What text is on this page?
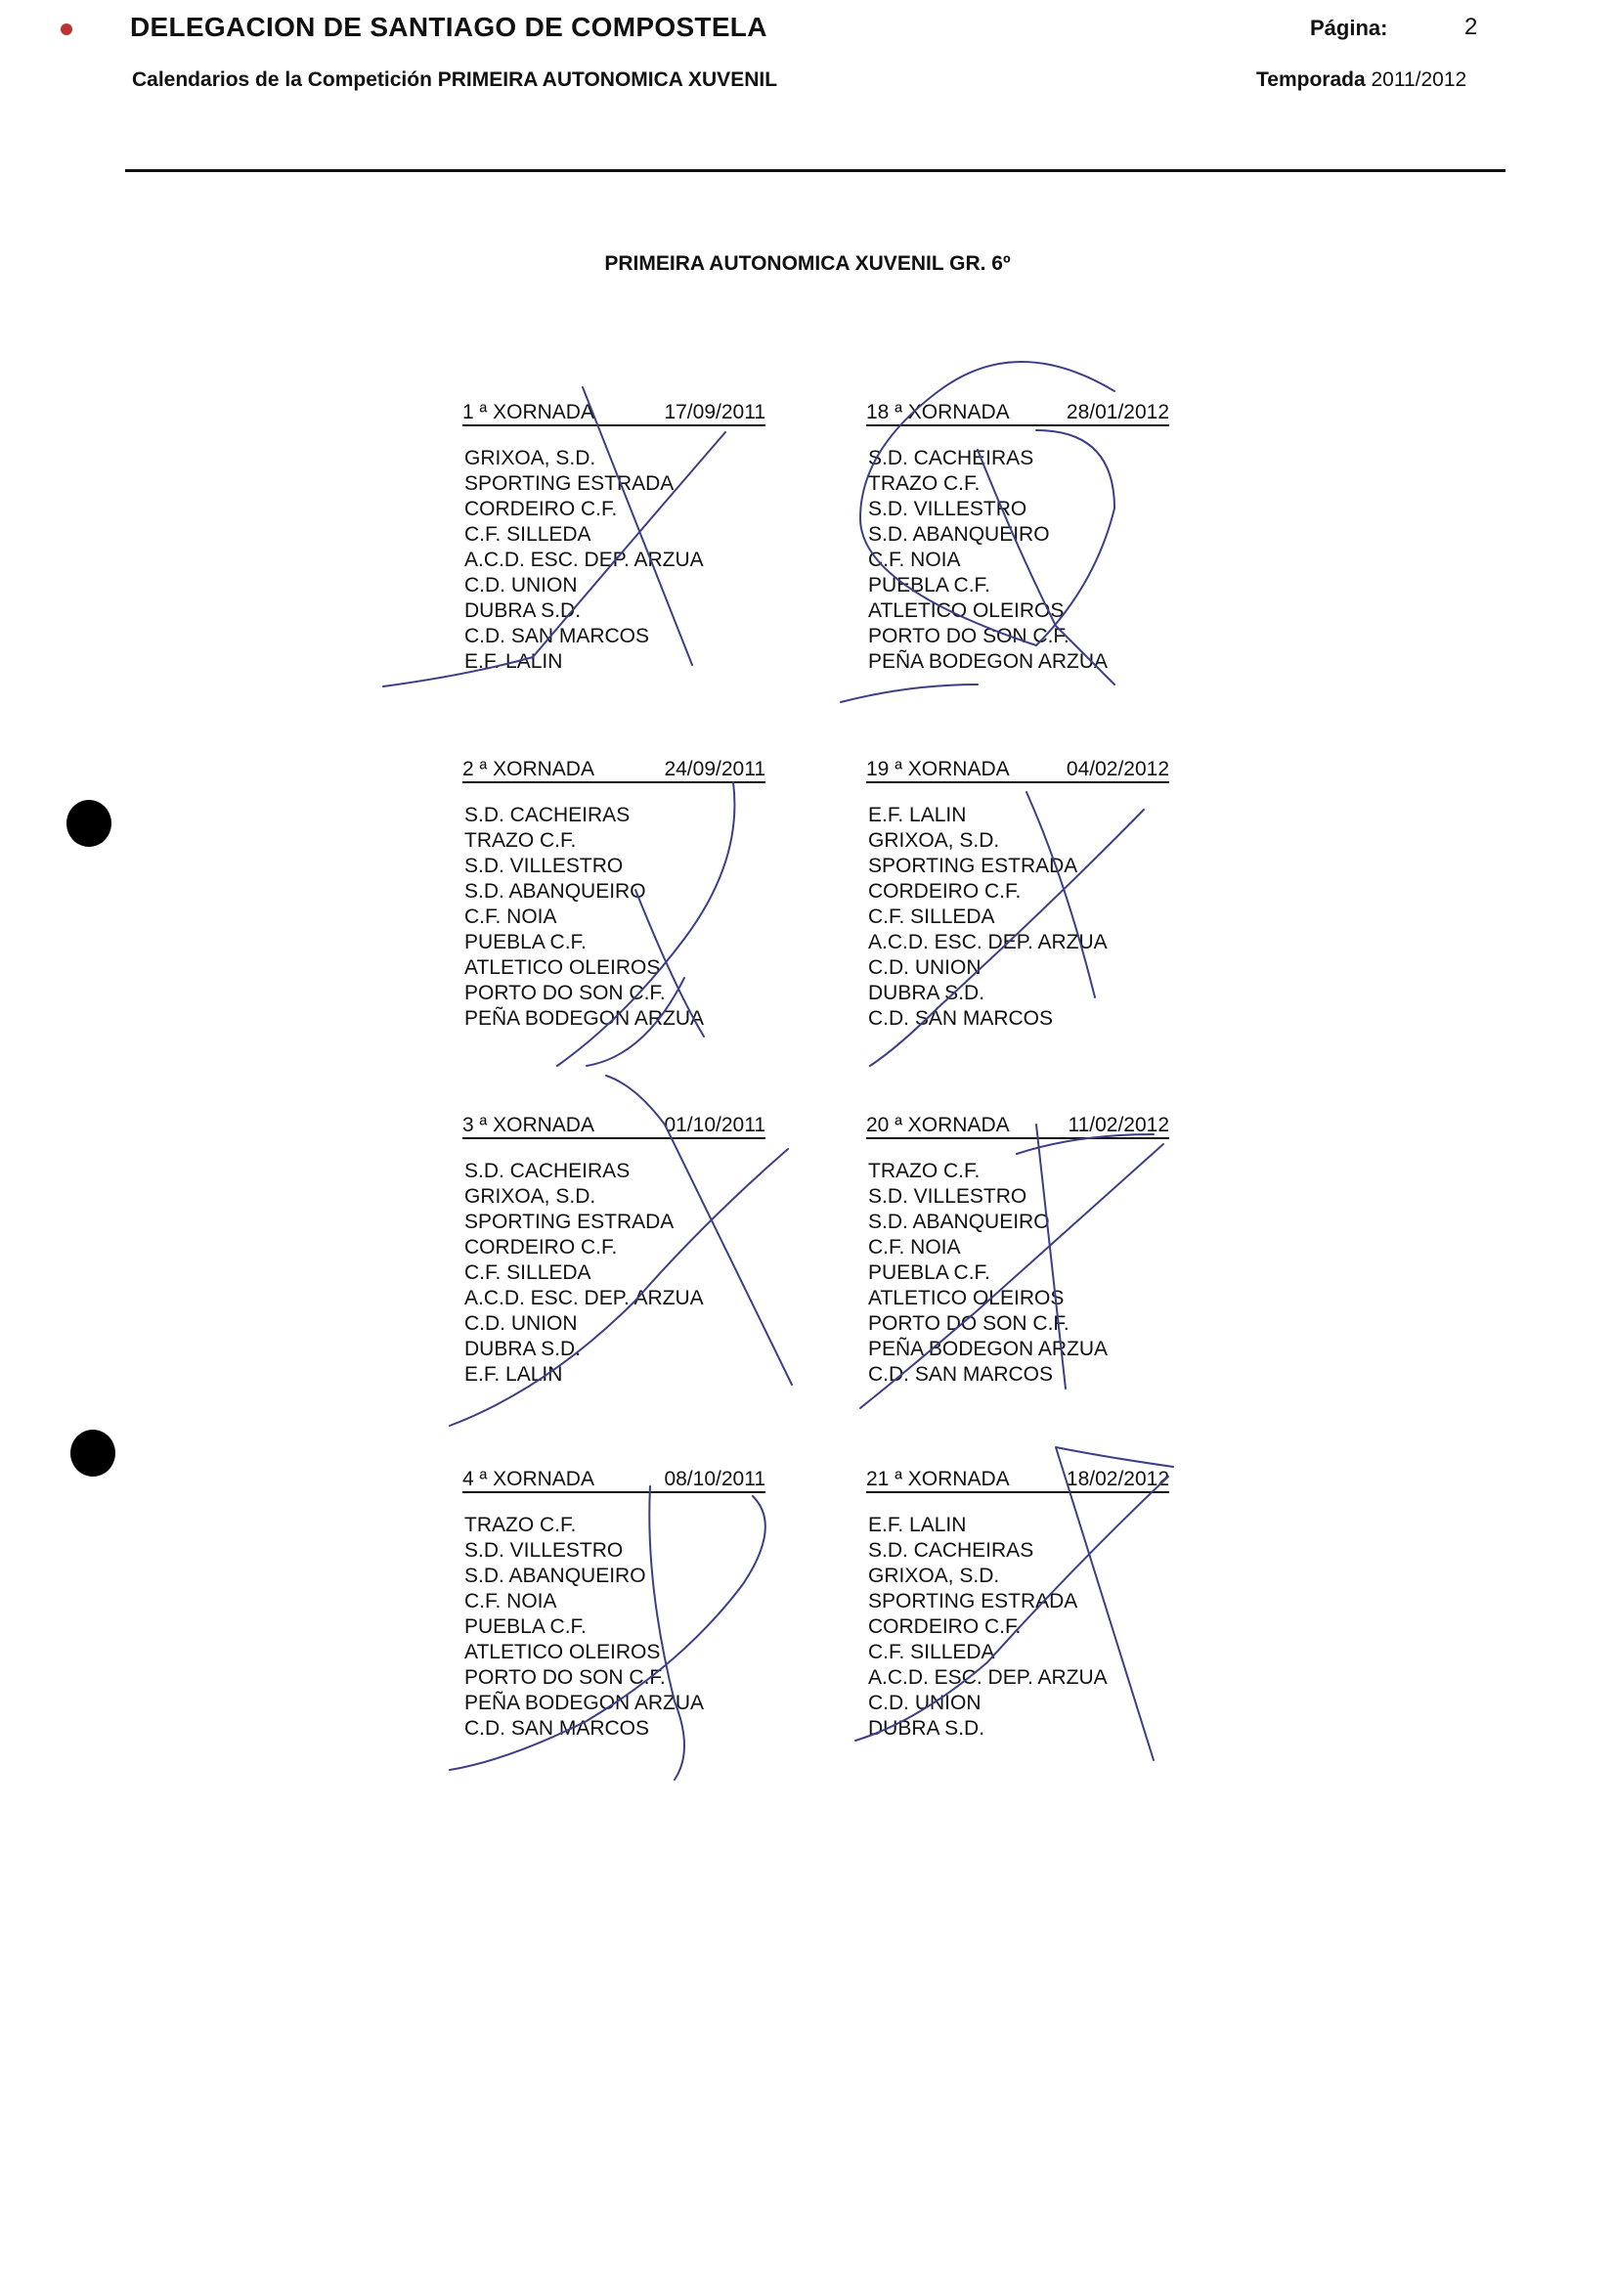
DELEGACION DE SANTIAGO DE COMPOSTELA	Página:	2
Calendarios de la Competición PRIMEIRA AUTONOMICA XUVENIL	Temporada 2011/2012
PRIMEIRA AUTONOMICA XUVENIL GR. 6º
1 ª XORNADA	17/09/2011
GRIXOA, S.D.
SPORTING ESTRADA
CORDEIRO C.F.
C.F. SILLEDA
A.C.D. ESC. DEP. ARZUA
C.D. UNION
DUBRA S.D.
C.D. SAN MARCOS
E.F. LALIN
18 ª XORNADA	28/01/2012
S.D. CACHEIRAS
TRAZO C.F.
S.D. VILLESTRO
S.D. ABANQUEIRO
C.F. NOIA
PUEBLA C.F.
ATLETICO OLEIROS
PORTO DO SON C.F.
PEÑA BODEGON ARZUA
2 ª XORNADA	24/09/2011
S.D. CACHEIRAS
TRAZO C.F.
S.D. VILLESTRO
S.D. ABANQUEIRO
C.F. NOIA
PUEBLA C.F.
ATLETICO OLEIROS
PORTO DO SON C.F.
PEÑA BODEGON ARZUA
19 ª XORNADA	04/02/2012
E.F. LALIN
GRIXOA, S.D.
SPORTING ESTRADA
CORDEIRO C.F.
C.F. SILLEDA
A.C.D. ESC. DEP. ARZUA
C.D. UNION
DUBRA S.D.
C.D. SAN MARCOS
3 ª XORNADA	01/10/2011
S.D. CACHEIRAS
GRIXOA, S.D.
SPORTING ESTRADA
CORDEIRO C.F.
C.F. SILLEDA
A.C.D. ESC. DEP. ARZUA
C.D. UNION
DUBRA S.D.
E.F. LALIN
20 ª XORNADA	11/02/2012
TRAZO C.F.
S.D. VILLESTRO
S.D. ABANQUEIRO
C.F. NOIA
PUEBLA C.F.
ATLETICO OLEIROS
PORTO DO SON C.F.
PEÑA BODEGON ARZUA
C.D. SAN MARCOS
4 ª XORNADA	08/10/2011
TRAZO C.F.
S.D. VILLESTRO
S.D. ABANQUEIRO
C.F. NOIA
PUEBLA C.F.
ATLETICO OLEIROS
PORTO DO SON C.F.
PEÑA BODEGON ARZUA
C.D. SAN MARCOS
21 ª XORNADA	18/02/2012
E.F. LALIN
S.D. CACHEIRAS
GRIXOA, S.D.
SPORTING ESTRADA
CORDEIRO C.F.
C.F. SILLEDA
A.C.D. ESC. DEP. ARZUA
C.D. UNION
DUBRA S.D.
